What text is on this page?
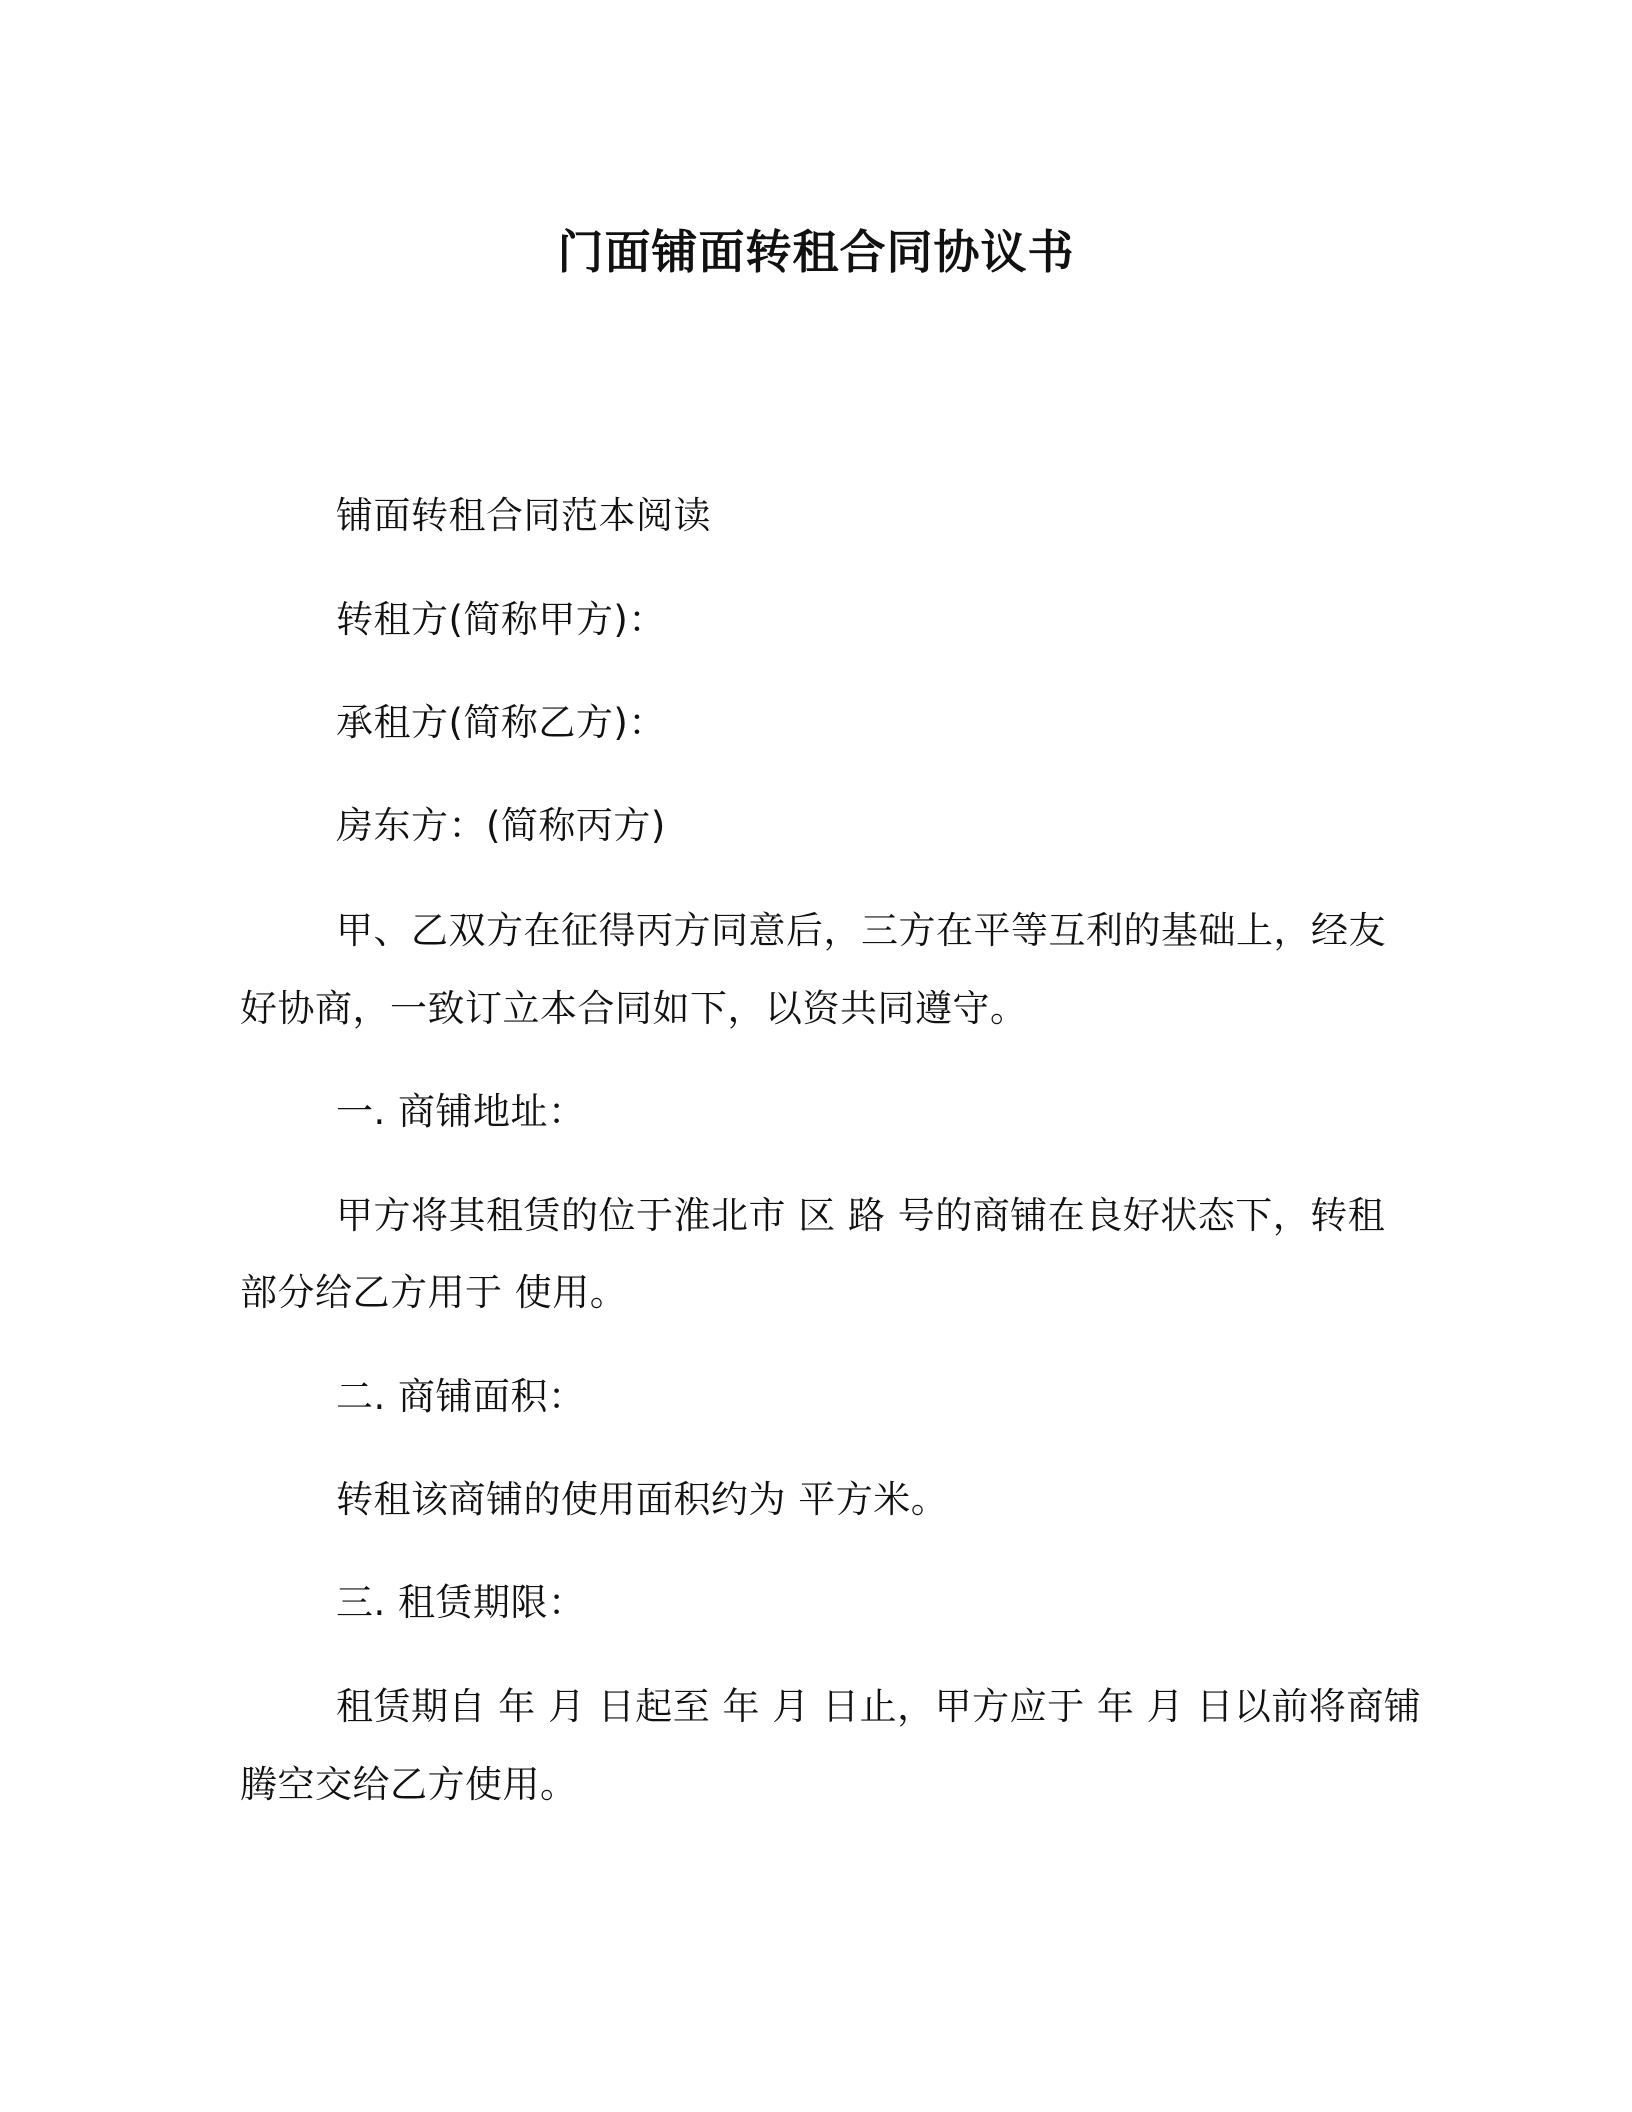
门面铺面转租合同协议书
铺面转租合同范本阅读
转租方(简称甲方)：
承租方(简称乙方)：
房东方：(简称丙方)
甲、乙双方在征得丙方同意后，三方在平等互利的基础上，经友
好协商，一致订立本合同如下，以资共同遵守。
一. 商铺地址：
甲方将其租赁的位于淮北市 区 路 号的商铺在良好状态下，转租
部分给乙方用于 使用。
二. 商铺面积：
转租该商铺的使用面积约为 平方米。
三. 租赁期限：
租赁期自 年 月 日起至 年 月 日止，甲方应于 年 月 日以前将商铺
腾空交给乙方使用。
